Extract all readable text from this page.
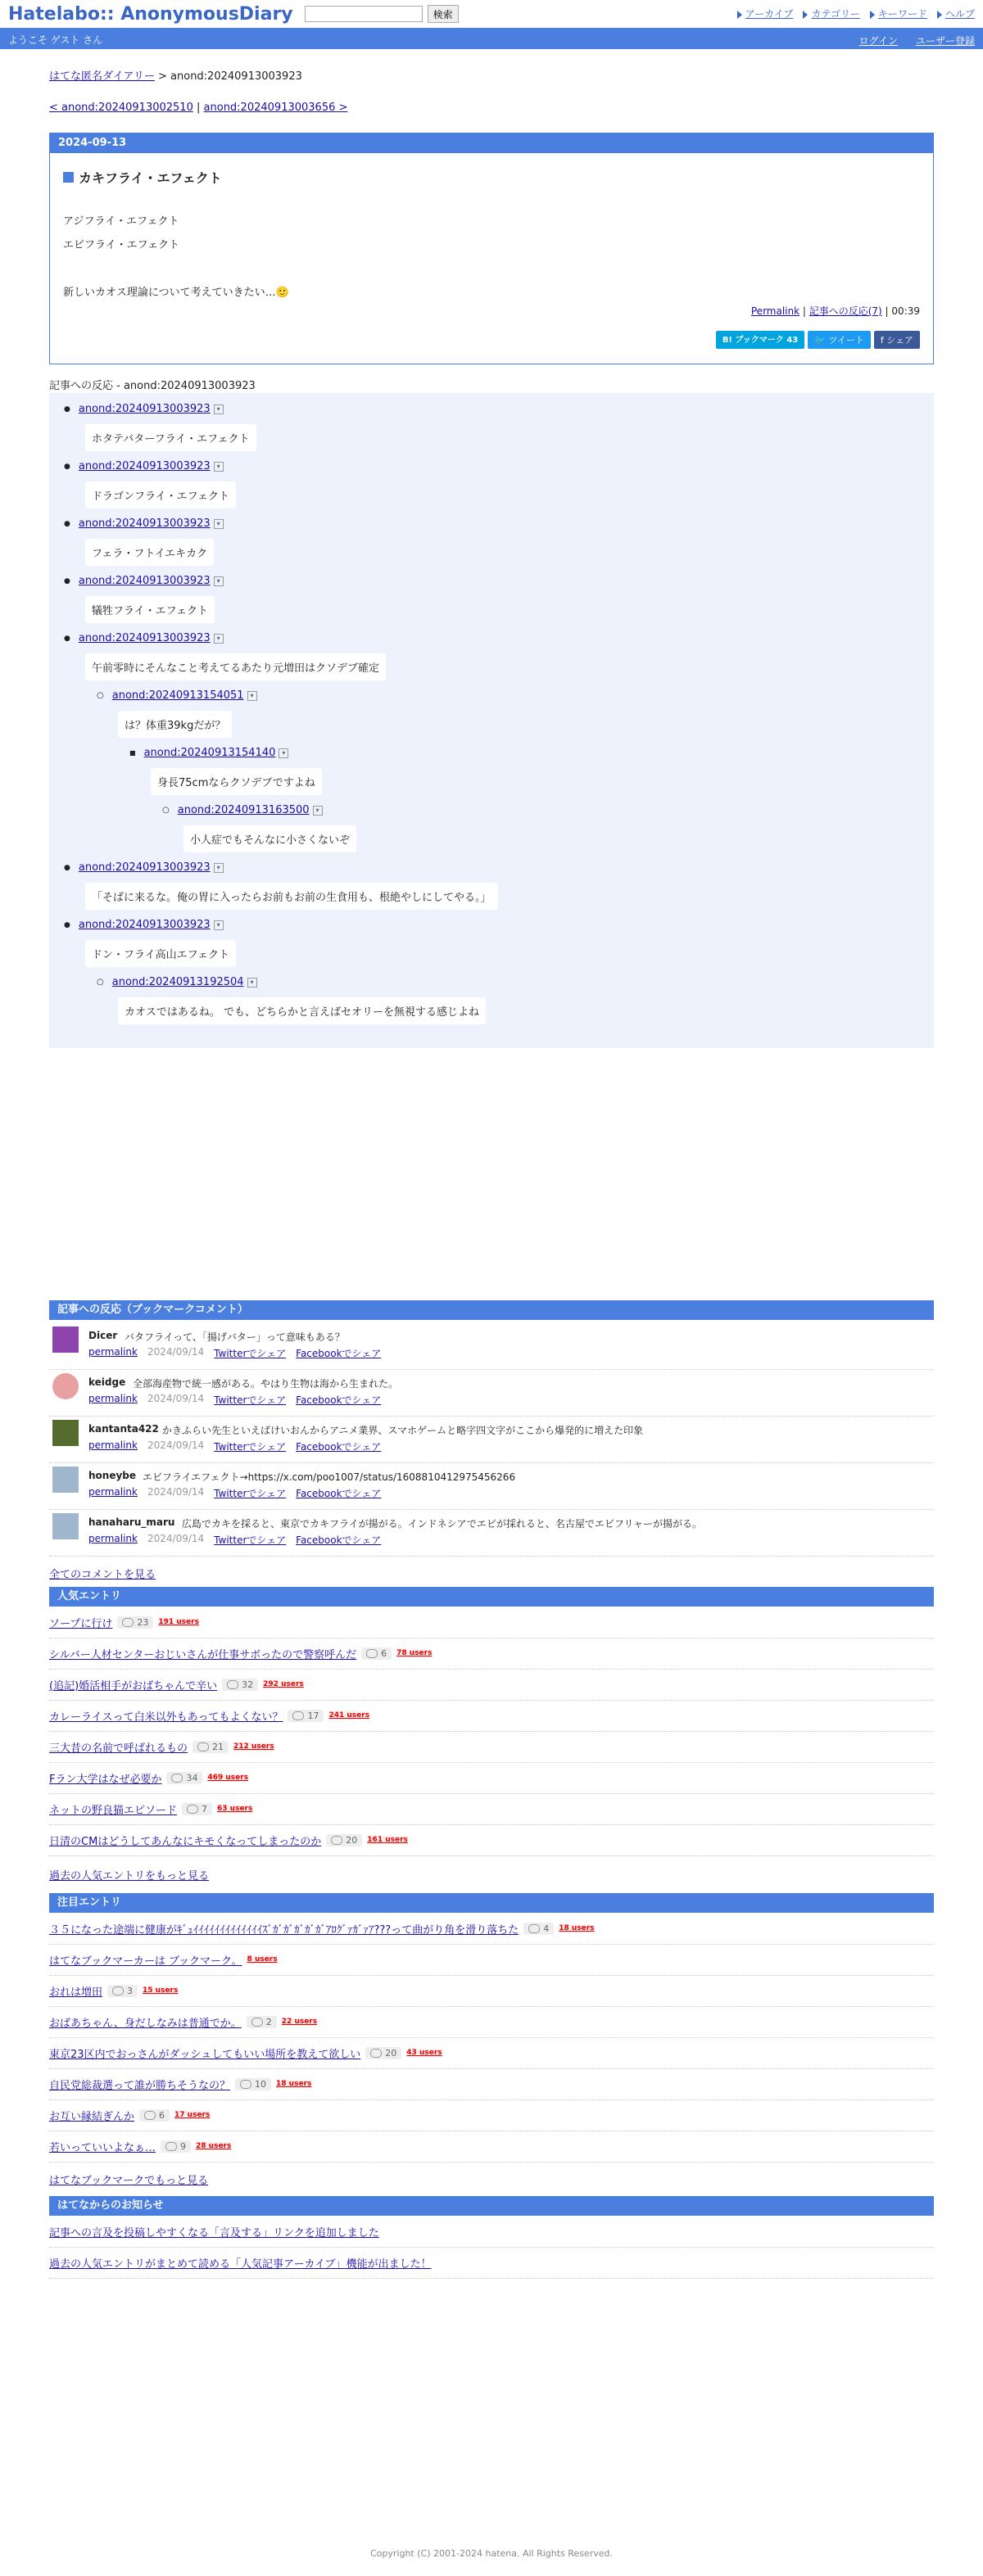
Hatelabo:: AnonymousDiary	検索	アーカイブ	カテゴリー	キーワード	ヘルプ
ようこそ ゲスト さん	ログイン ユーザー登録
はてな匿名ダイアリー > anond:20240913003923
< anond:20240913002510 | anond:20240913003656 >
2024-09-13
カキフライ・エフェクト
アジフライ・エフェクト
エビフライ・エフェクト

新しいカオス理論について考えていきたい…🙂
Permalink | 記事への反応(7) | 00:39
B! ブックマーク 43	🐦 ツイート	f シェア
記事への反応 - anond:20240913003923
● anond:20240913003923 ▾
ホタテバターフライ・エフェクト
● anond:20240913003923 ▾
ドラゴンフライ・エフェクト
● anond:20240913003923 ▾
フェラ・フトイエキカク
● anond:20240913003923 ▾
犠牲フライ・エフェクト
● anond:20240913003923 ▾
午前零時にそんなこと考えてるあたり元増田はクソデブ確定
○ anond:20240913154051 ▾
は？体重39kgだが？
■ anond:20240913154140 ▾
身長75cmならクソデブですよね
○ anond:20240913163500 ▾
小人症でもそんなに小さくないぞ
● anond:20240913003923 ▾
「そばに来るな。俺の胃に入ったらお前もお前の生食用も、根絶やしにしてやる。」
● anond:20240913003923 ▾
ドン・フライ高山エフェクト
○ anond:20240913192504 ▾
カオスではあるね。 でも、どちらかと言えばセオリーを無視する感じよね
記事への反応（ブックマークコメント）
Dicer バタフライって、「揚げバター」って意味もある？
permalink 2024/09/14 Twitterでシェア Facebookでシェア
keidge 全部海産物で統一感がある。やはり生物は海から生まれた。
permalink 2024/09/14 Twitterでシェア Facebookでシェア
kantanta422 かきふらい先生といえばけいおんからアニメ業界、スマホゲームと略字四文字がここから爆発的に増えた印象
permalink 2024/09/14 Twitterでシェア Facebookでシェア
honeybe エビフライエフェクト→https://x.com/poo1007/status/1608810412975456266
permalink 2024/09/14 Twitterでシェア Facebookでシェア
hanaharu_maru 広島でカキを採ると、東京でカキフライが揚がる。インドネシアでエビが採れると、名古屋でエビフリャーが揚がる。
permalink 2024/09/14 Twitterでシェア Facebookでシェア
全てのコメントを見る
人気エントリ
ソープに行け	23 191 users
シルバー人材センターおじいさんが仕事サボったので警察呼んだ	6 78 users
(追記)婚活相手がおばちゃんで辛い	32 292 users
カレーライスって白米以外もあってもよくない？	17 241 users
三大昔の名前で呼ばれるもの	21 212 users
Fラン大学はなぜ必要か	34 469 users
ネットの野良猫エピソード	7 63 users
日清のCMはどうしてあんなにキモくなってしまったのか	20 161 users
過去の人気エントリをもっと見る
注目エントリ
３５になった途端に健康がｷﾞｭｲｲｲｲｲｲｲｲｲｲｲｲｲｽﾞｶﾞｶﾞｶﾞｶﾞｶﾞｱﾛｸﾞｧｶﾞｧｱ???って曲がり角を滑り落ちた	4 18 users
はてなブックマーカーは ブックマーク。 8 users
おれは増田	3 15 users
おばあちゃん、身だしなみは普通でか。	2 22 users
東京23区内でおっさんがダッシュしてもいい場所を教えて欲しい	20 43 users
自民党総裁選って誰が勝ちそうなの？	10 18 users
お互い縁結ぎんか	6 17 users
若いっていいよなぁ…	9 28 users
はてなブックマークでもっと見る
はてなからのお知らせ
記事への言及を投稿しやすくなる「言及する」リンクを追加しました
過去の人気エントリがまとめて読める「人気記事アーカイブ」機能が出ました！
Copyright (C) 2001-2024 hatena. All Rights Reserved.
